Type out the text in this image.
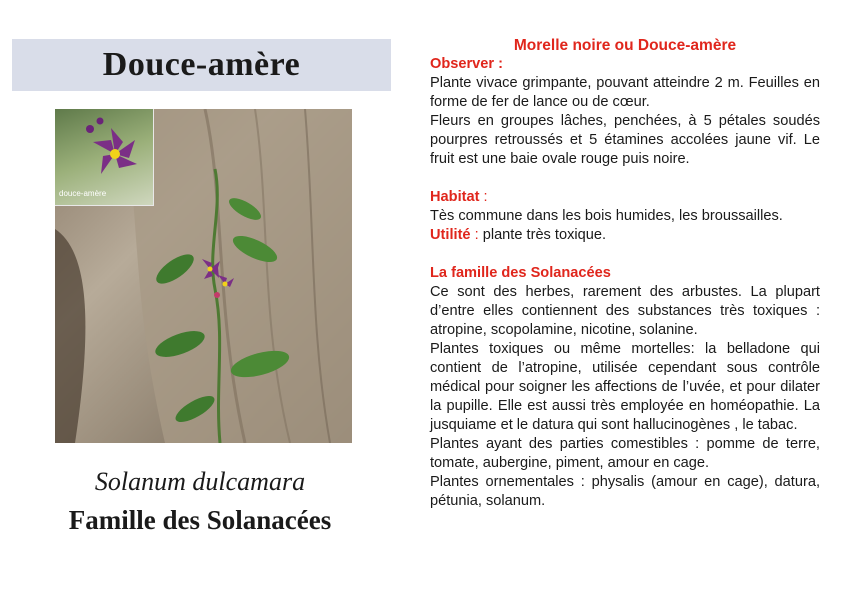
Douce-amère
douce-amère

Solanum dulcamara

Famille des Solanacées

Morelle noire ou Douce-amère

Observer :

Plante vivace grimpante, pouvant atteindre 2 m. Feuilles en forme de fer de lance ou de cœur.

Fleurs en groupes lâches, penchées, à 5 pétales soudés pourpres retroussés et 5 étamines accolées jaune vif. Le fruit est une baie ovale rouge puis noire.

Habitat :

Tès commune dans les bois humides, les broussailles.

Utilité : plante très toxique.

La famille des Solanacées

Ce sont des herbes, rarement des arbustes. La plupart d’entre elles contiennent des substances très toxiques : atropine, scopolamine, nicotine, solanine.

Plantes toxiques ou même mortelles: la belladone qui contient de l’atropine, utilisée cependant sous contrôle médical pour soigner les affections de l’uvée, et pour dilater la pupille. Elle est aussi très employée en homéopathie. La jusquiame et le datura qui sont hallucinogènes , le tabac.

Plantes ayant des parties comestibles : pomme de terre, tomate, aubergine, piment, amour en cage.

Plantes ornementales : physalis (amour en cage), datura, pétunia, solanum.
